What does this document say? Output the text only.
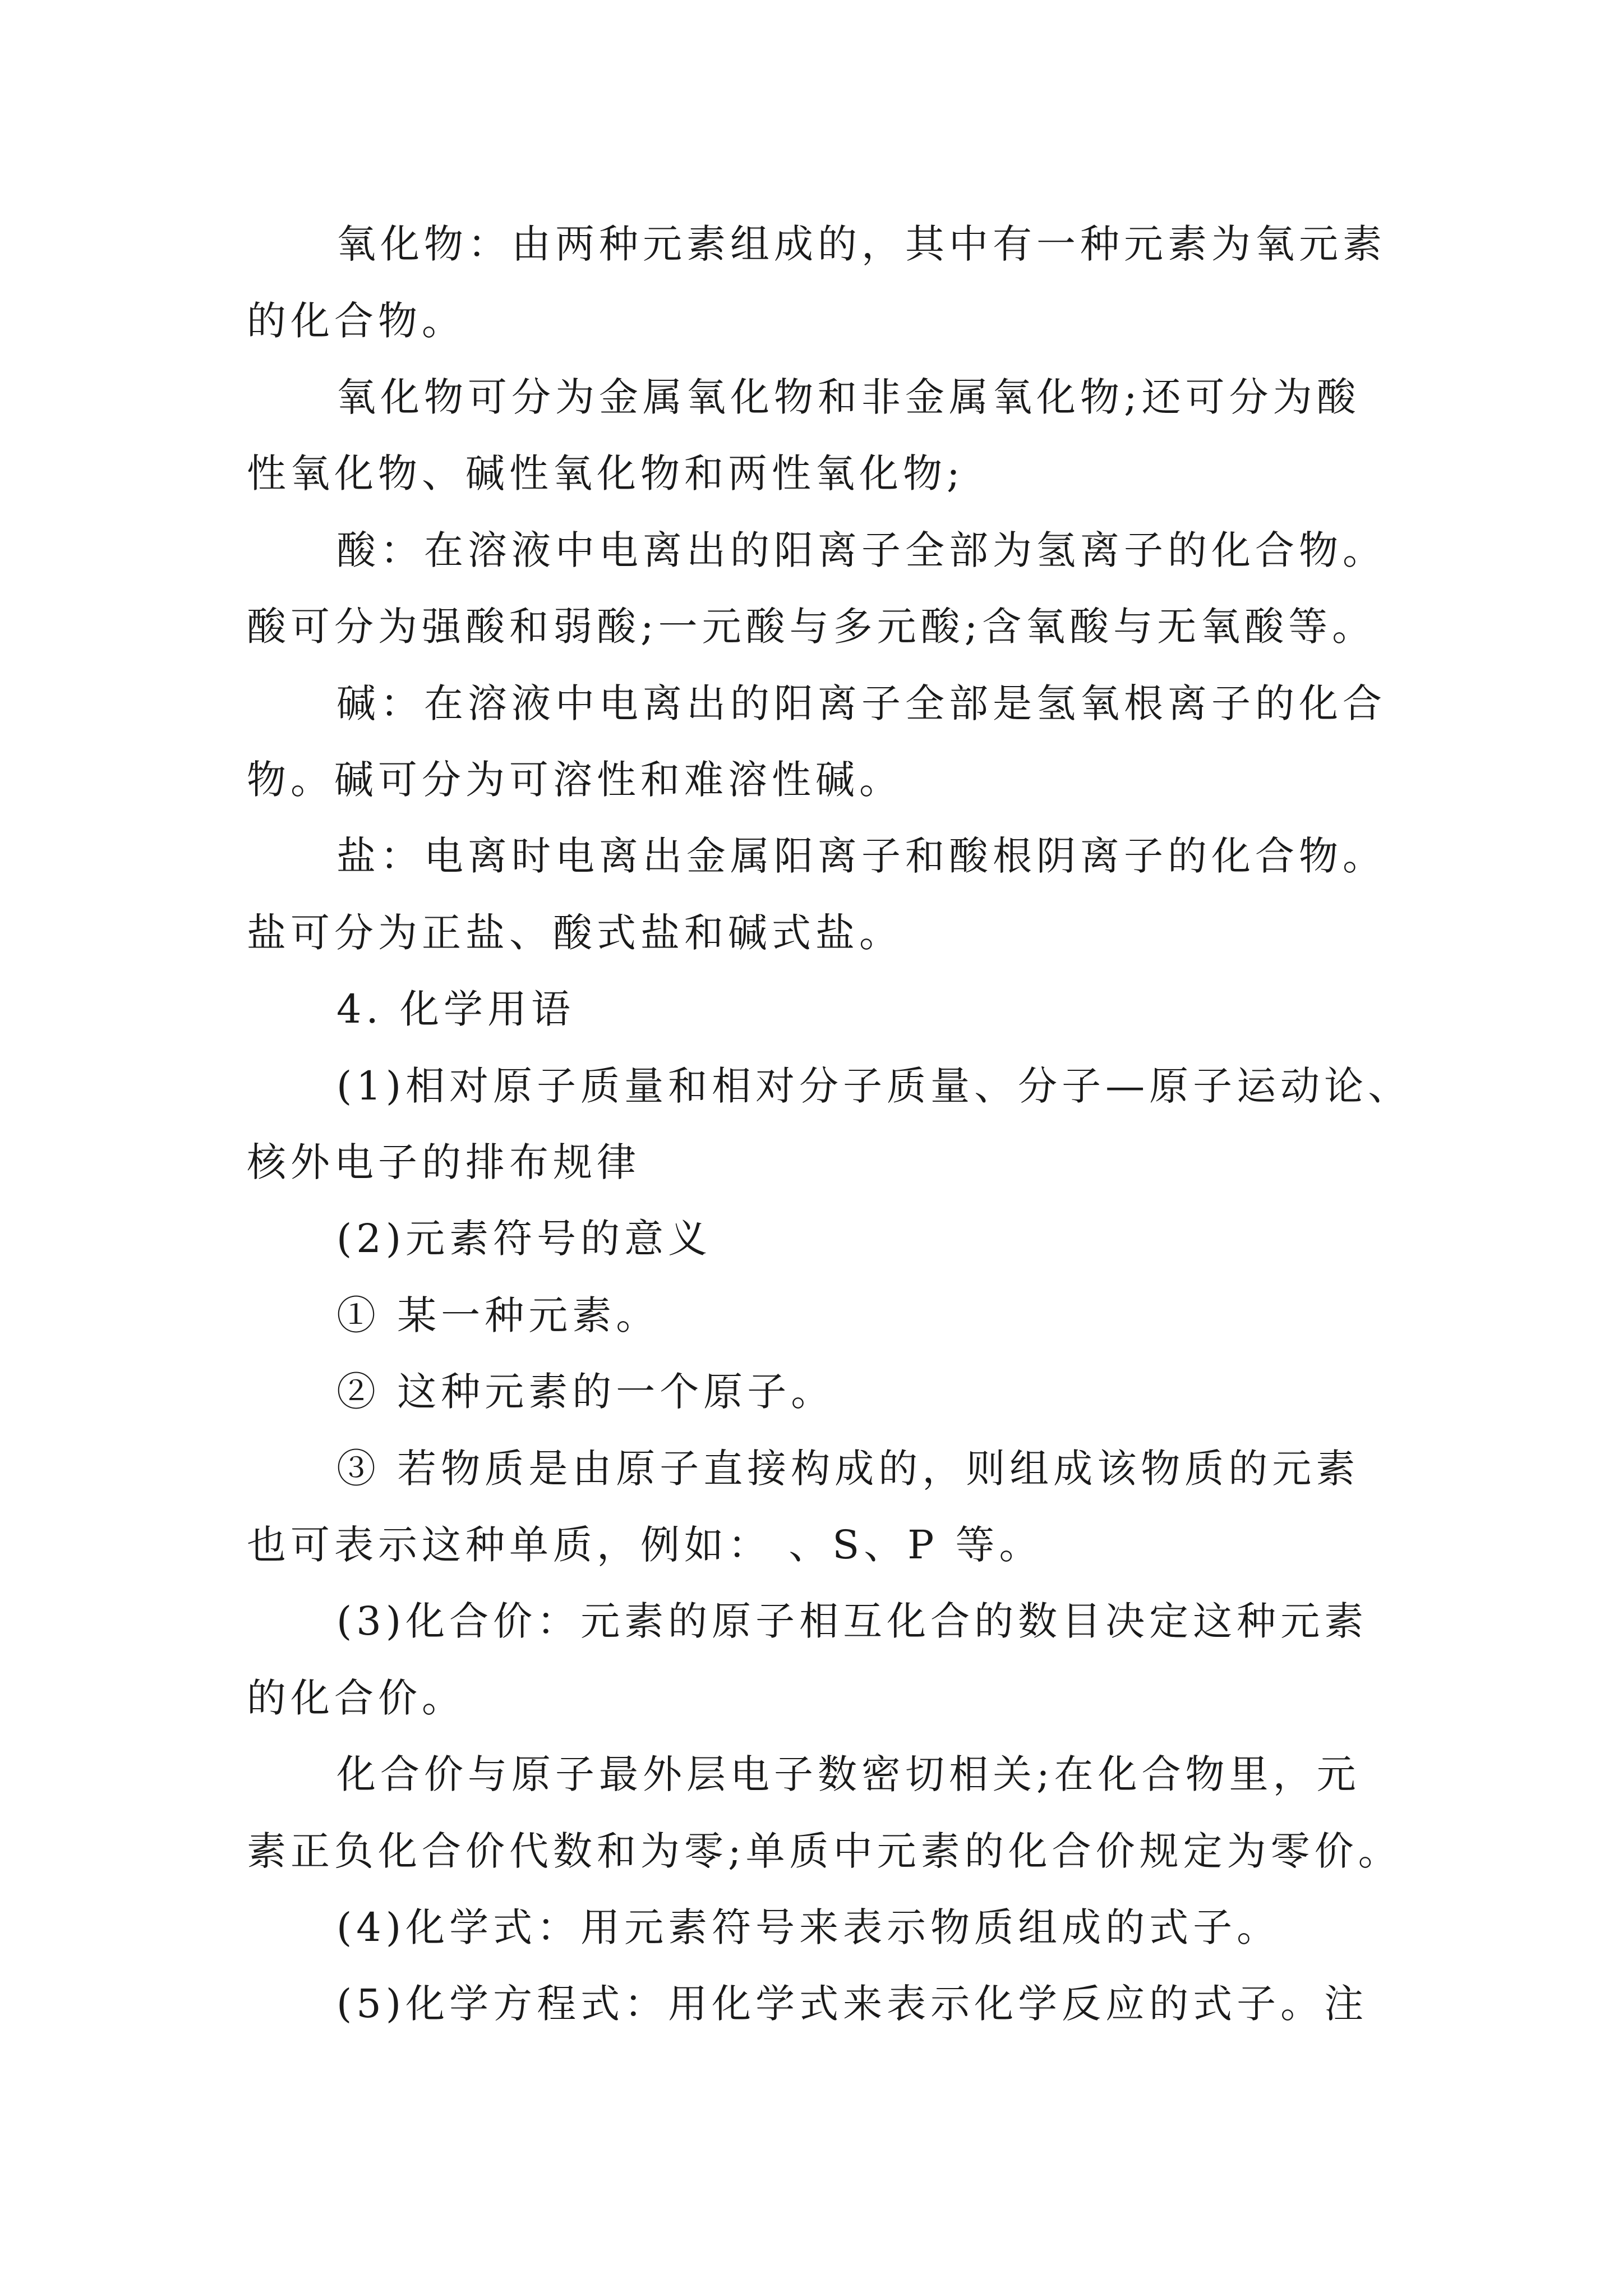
氧化物：由两种元素组成的，其中有一种元素为氧元素
的化合物。
氧化物可分为金属氧化物和非金属氧化物;还可分为酸
性氧化物、碱性氧化物和两性氧化物;
酸：在溶液中电离出的阳离子全部为氢离子的化合物。
酸可分为强酸和弱酸;一元酸与多元酸;含氧酸与无氧酸等。
碱：在溶液中电离出的阳离子全部是氢氧根离子的化合
物。碱可分为可溶性和难溶性碱。
盐：电离时电离出金属阳离子和酸根阴离子的化合物。
盐可分为正盐、酸式盐和碱式盐。
4. 化学用语
(1)相对原子质量和相对分子质量、分子—原子运动论、
核外电子的排布规律
(2)元素符号的意义
① 某一种元素。
② 这种元素的一个原子。
③ 若物质是由原子直接构成的，则组成该物质的元素
也可表示这种单质，例如： 、S、P 等。
(3)化合价：元素的原子相互化合的数目决定这种元素
的化合价。
化合价与原子最外层电子数密切相关;在化合物里，元
素正负化合价代数和为零;单质中元素的化合价规定为零价。
(4)化学式：用元素符号来表示物质组成的式子。
(5)化学方程式：用化学式来表示化学反应的式子。注
